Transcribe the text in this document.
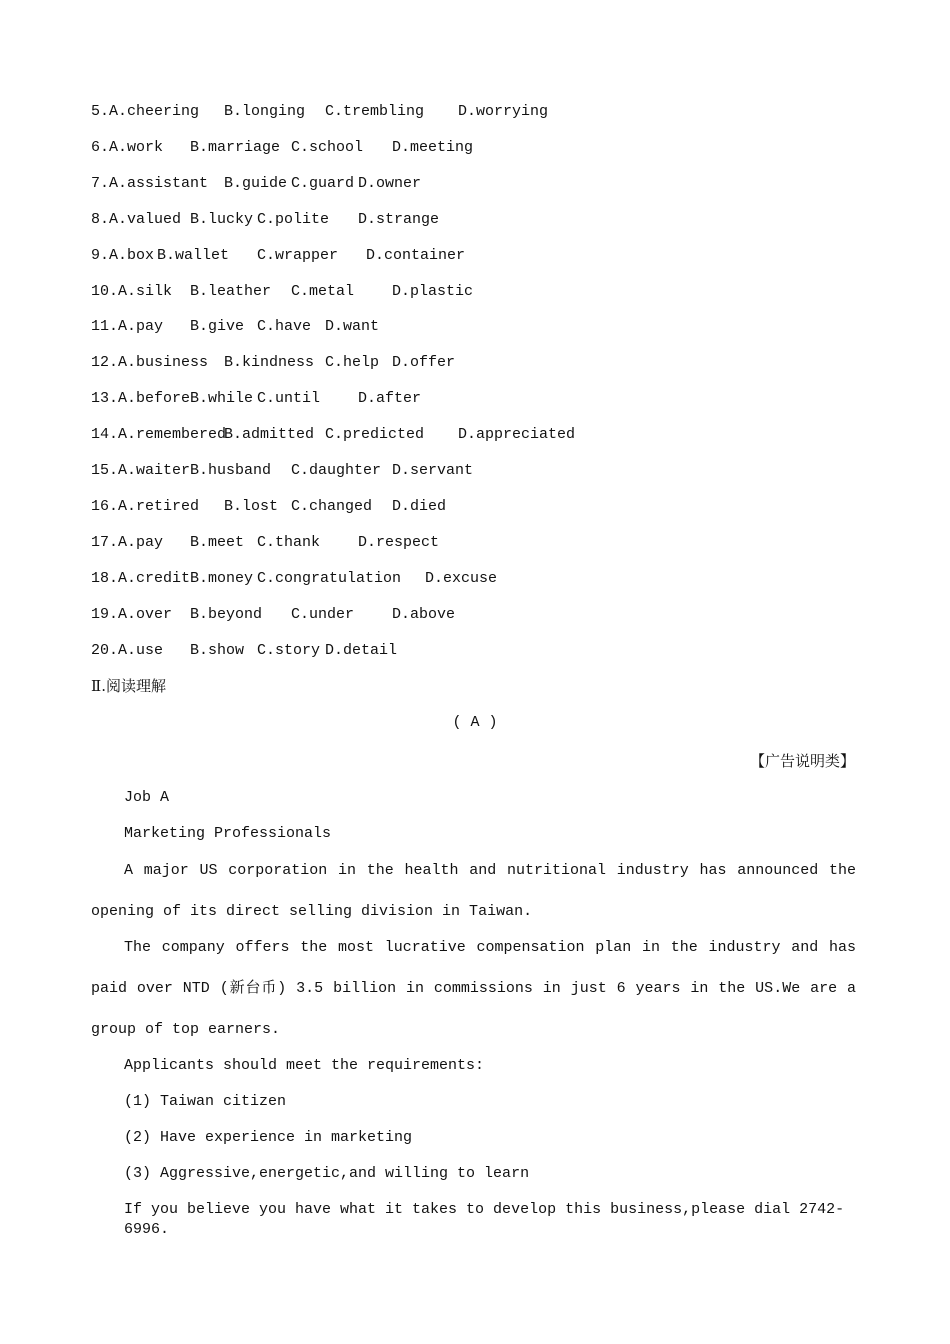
5. A.cheering B.longing C.trembling D.worrying
6. A.work B.marriage C.school D.meeting
7. A.assistant B.guide C.guard D.owner
8. A.valued B.lucky C.polite D.strange
9. A.box B.wallet C.wrapper D.container
10. A.silk B.leather C.metal	D.plastic
11. A.pay B.give C.have D.want
12. A.business B.kindness C.help D.offer
13. A.before B.while C.until	D.after
14. A.remembered
B.admitted C.predicted D.appreciated
15. A.waiter B.husband C.daughter D.servant
16. A.retired B.lost C.changed D.died
17. A.pay B.meet C.thank	D.respect
18. A.credit B.money C.congratulation D.excuse
19. A.over B.beyond C.under	D.above
20. A.use B.show C.story D.detail
Ⅱ.阅读理解
( A )
【广告说明类】
Job A
Marketing Professionals
A major US corporation in the health and nutritional industry has announced the opening of its direct selling division in Taiwan.
The company offers the most lucrative compensation plan in the industry and has paid over NTD (新台币) 3.5 billion in commissions in just 6 years in the US.We are a group of top earners.
Applicants should meet the requirements:
(1) Taiwan citizen
(2) Have experience in marketing
(3) Aggressive,energetic,and willing to learn
If you believe you have what it takes to develop this business,please dial 2742-6996.
